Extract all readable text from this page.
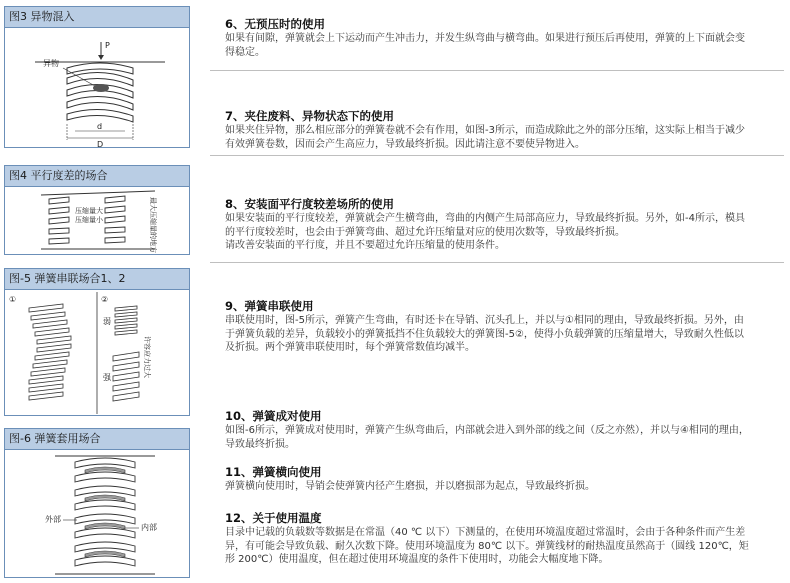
图3 异物混入
P
异物
d
D
图4 平行度差的场合
压缩量大
压缩量小	最大压缩量的地方
图-5 弹簧串联场合1、2
①	②
弱
强	许容应力过大
图-6 弹簧套用场合
外部
内部
6、无预压时的使用

如果有间隙，弹簧就会上下运动而产生冲击力，并发生纵弯曲与横弯曲。如果进行预压后再使用，弹簧的上下面就会变

得稳定。

7、夹住废料、异物状态下的使用

如果夹住异物，那么相应部分的弹簧卷就不会有作用，如图-3所示，而造成除此之外的部分压缩，这实际上相当于减少

有效弹簧卷数，因而会产生高应力，导致最终折损。因此请注意不要使异物进入。

8、安装面平行度较差场所的使用

如果安装面的平行度较差，弹簧就会产生横弯曲，弯曲的内侧产生局部高应力，导致最终折损。另外，如-4所示，模具

的平行度较差时，也会由于弹簧弯曲、超过允许压缩量对应的使用次数等，导致最终折损。

请改善安装面的平行度，并且不要超过允许压缩量的使用条件。

9、弹簧串联使用

串联使用时，图-5所示，弹簧产生弯曲，有时还卡在导销、沉头孔上，并以与①相同的理由，导致最终折损。另外，由

于弹簧负载的差异，负载较小的弹簧抵挡不住负载较大的弹簧图-5②，使得小负载弹簧的压缩量增大，导致耐久性低以

及折损。两个弹簧串联使用时，每个弹簧常数值均减半。

10、弹簧成对使用

如图-6所示，弹簧成对使用时，弹簧产生纵弯曲后，内部就会进入到外部的线之间（反之亦然），并以与④相同的理由，

导致最终折损。

11、弹簧横向使用

弹簧横向使用时，导销会使弹簧内径产生磨损，并以磨损部为起点，导致最终折损。

12、关于使用温度

目录中记载的负载数等数据是在常温（40 ℃ 以下）下测量的，在使用环境温度超过常温时，会由于各种条件而产生差

异，有可能会导致负载、耐久次数下降。使用环境温度为 80℃ 以下。弹簧线材的耐热温度虽然高于（圆线 120℃，矩

形 200℃）使用温度，但在超过使用环境温度的条件下使用时，功能会大幅度地下降。
